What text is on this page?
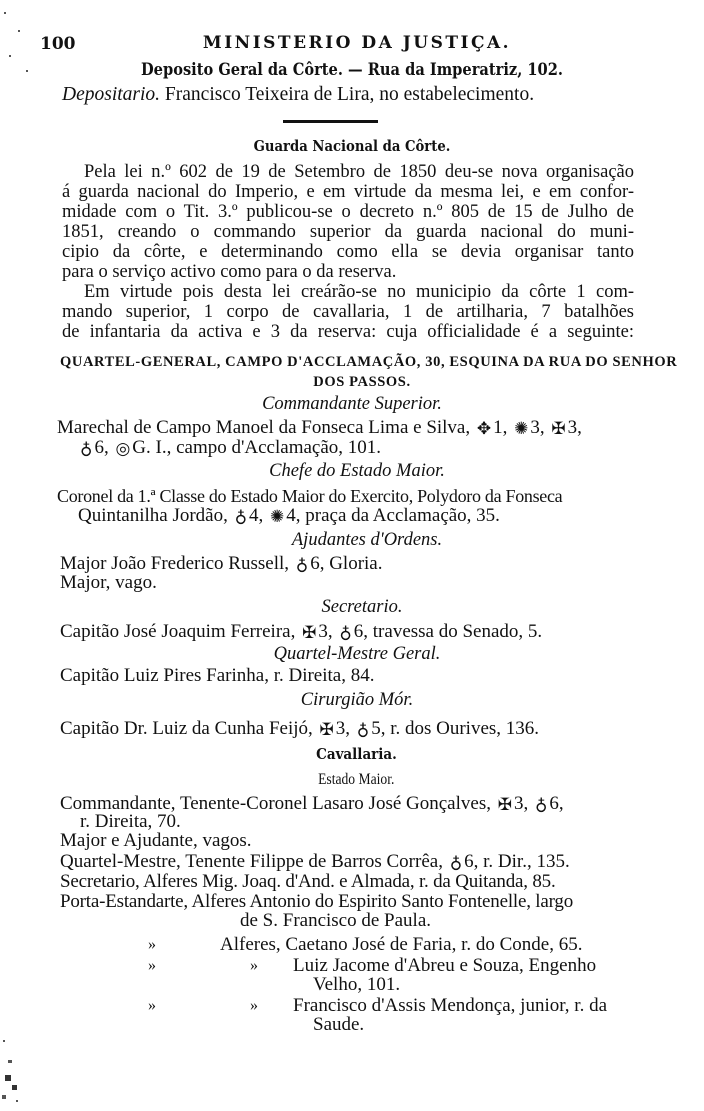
100	MINISTERIO DA JUSTIÇA.
Deposito Geral da Côrte. — Rua da Imperatriz, 102.
Depositario. Francisco Teixeira de Lira, no estabelecimento.
Guarda Nacional da Côrte.
Pela lei n.º 602 de 19 de Setembro de 1850 deu-se nova organisação
á guarda nacional do Imperio, e em virtude da mesma lei, e em confor-
midade com o Tit. 3.º publicou-se o decreto n.º 805 de 15 de Julho de
1851, creando o commando superior da guarda nacional do muni-
cipio da côrte, e determinando como ella se devia organisar tanto
para o serviço activo como para o da reserva.
Em virtude pois desta lei creárão-se no municipio da côrte 1 com-
mando superior, 1 corpo de cavallaria, 1 de artilharia, 7 batalhões
de infantaria da activa e 3 da reserva: cuja officialidade é a seguinte:
QUARTEL-GENERAL, CAMPO D'ACCLAMAÇÃO, 30, ESQUINA DA RUA DO SENHOR
DOS PASSOS.
Commandante Superior.
Marechal de Campo Manoel da Fonseca Lima e Silva, ✥ 1, ✺ 3, ✠ 3,
♁ 6, ◎ G. I., campo d'Acclamação, 101.
Chefe do Estado Maior.
Coronel da 1.ª Classe do Estado Maior do Exercito, Polydoro da Fonseca
Quintanilha Jordão, ♁ 4, ✺ 4, praça da Acclamação, 35.
Ajudantes d'Ordens.
Major João Frederico Russell, ♁ 6, Gloria.
Major, vago.
Secretario.
Capitão José Joaquim Ferreira, ✠ 3, ♁ 6, travessa do Senado, 5.
Quartel-Mestre Geral.
Capitão Luiz Pires Farinha, r. Direita, 84.
Cirurgião Mór.
Capitão Dr. Luiz da Cunha Feijó, ✠ 3, ♁ 5, r. dos Ourives, 136.
Cavallaria.
Estado Maior.
Commandante, Tenente-Coronel Lasaro José Gonçalves, ✠ 3, ♁ 6,
r. Direita, 70.
Major e Ajudante, vagos.
Quartel-Mestre, Tenente Filippe de Barros Corrêa, ♁ 6, r. Dir., 135.
Secretario, Alferes Mig. Joaq. d'And. e Almada, r. da Quitanda, 85.
Porta-Estandarte, Alferes Antonio do Espirito Santo Fontenelle, largo
de S. Francisco de Paula.
»	Alferes, Caetano José de Faria, r. do Conde, 65.
»	» Luiz Jacome d'Abreu e Souza, Engenho
Velho, 101.
»	» Francisco d'Assis Mendonça, junior, r. da
Saude.
